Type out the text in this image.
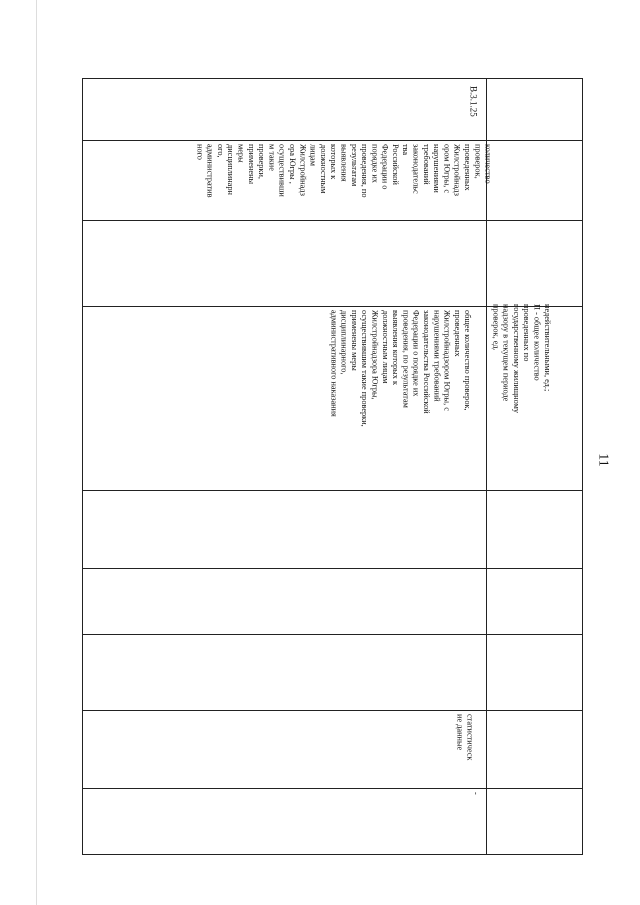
11
недействительными, ед.;
П - общее количество
проведенных по
государственному жилищному
надзору в текущем периоде
проверок, ед.
В.3.1.25
количество
проверок,
проведенных
Жилстройнадз
ором Югры, с
нарушениями
требований
законодательс
тва
Российской
Федерации о
порядке их
проведения, по
результатам
выявления
которых к
должностным
лицам
Жилстройнадз
ора Югры ,
осуществивши
м такие
проверки,
применены
меры
дисциплинарн
ого,
административ
ного
общее количество проверок,
проведенных
Жилстройнадзором Югры, с
нарушениями требований
законодательства Российской
Федерации о порядке их
проведения, по результатам
выявления которых к
должностным лицам
Жилстройнадзора Югры,
осуществившим такие проверки,
применены меры
дисциплинарного,
административного наказания
статистическ
ие данные
-
